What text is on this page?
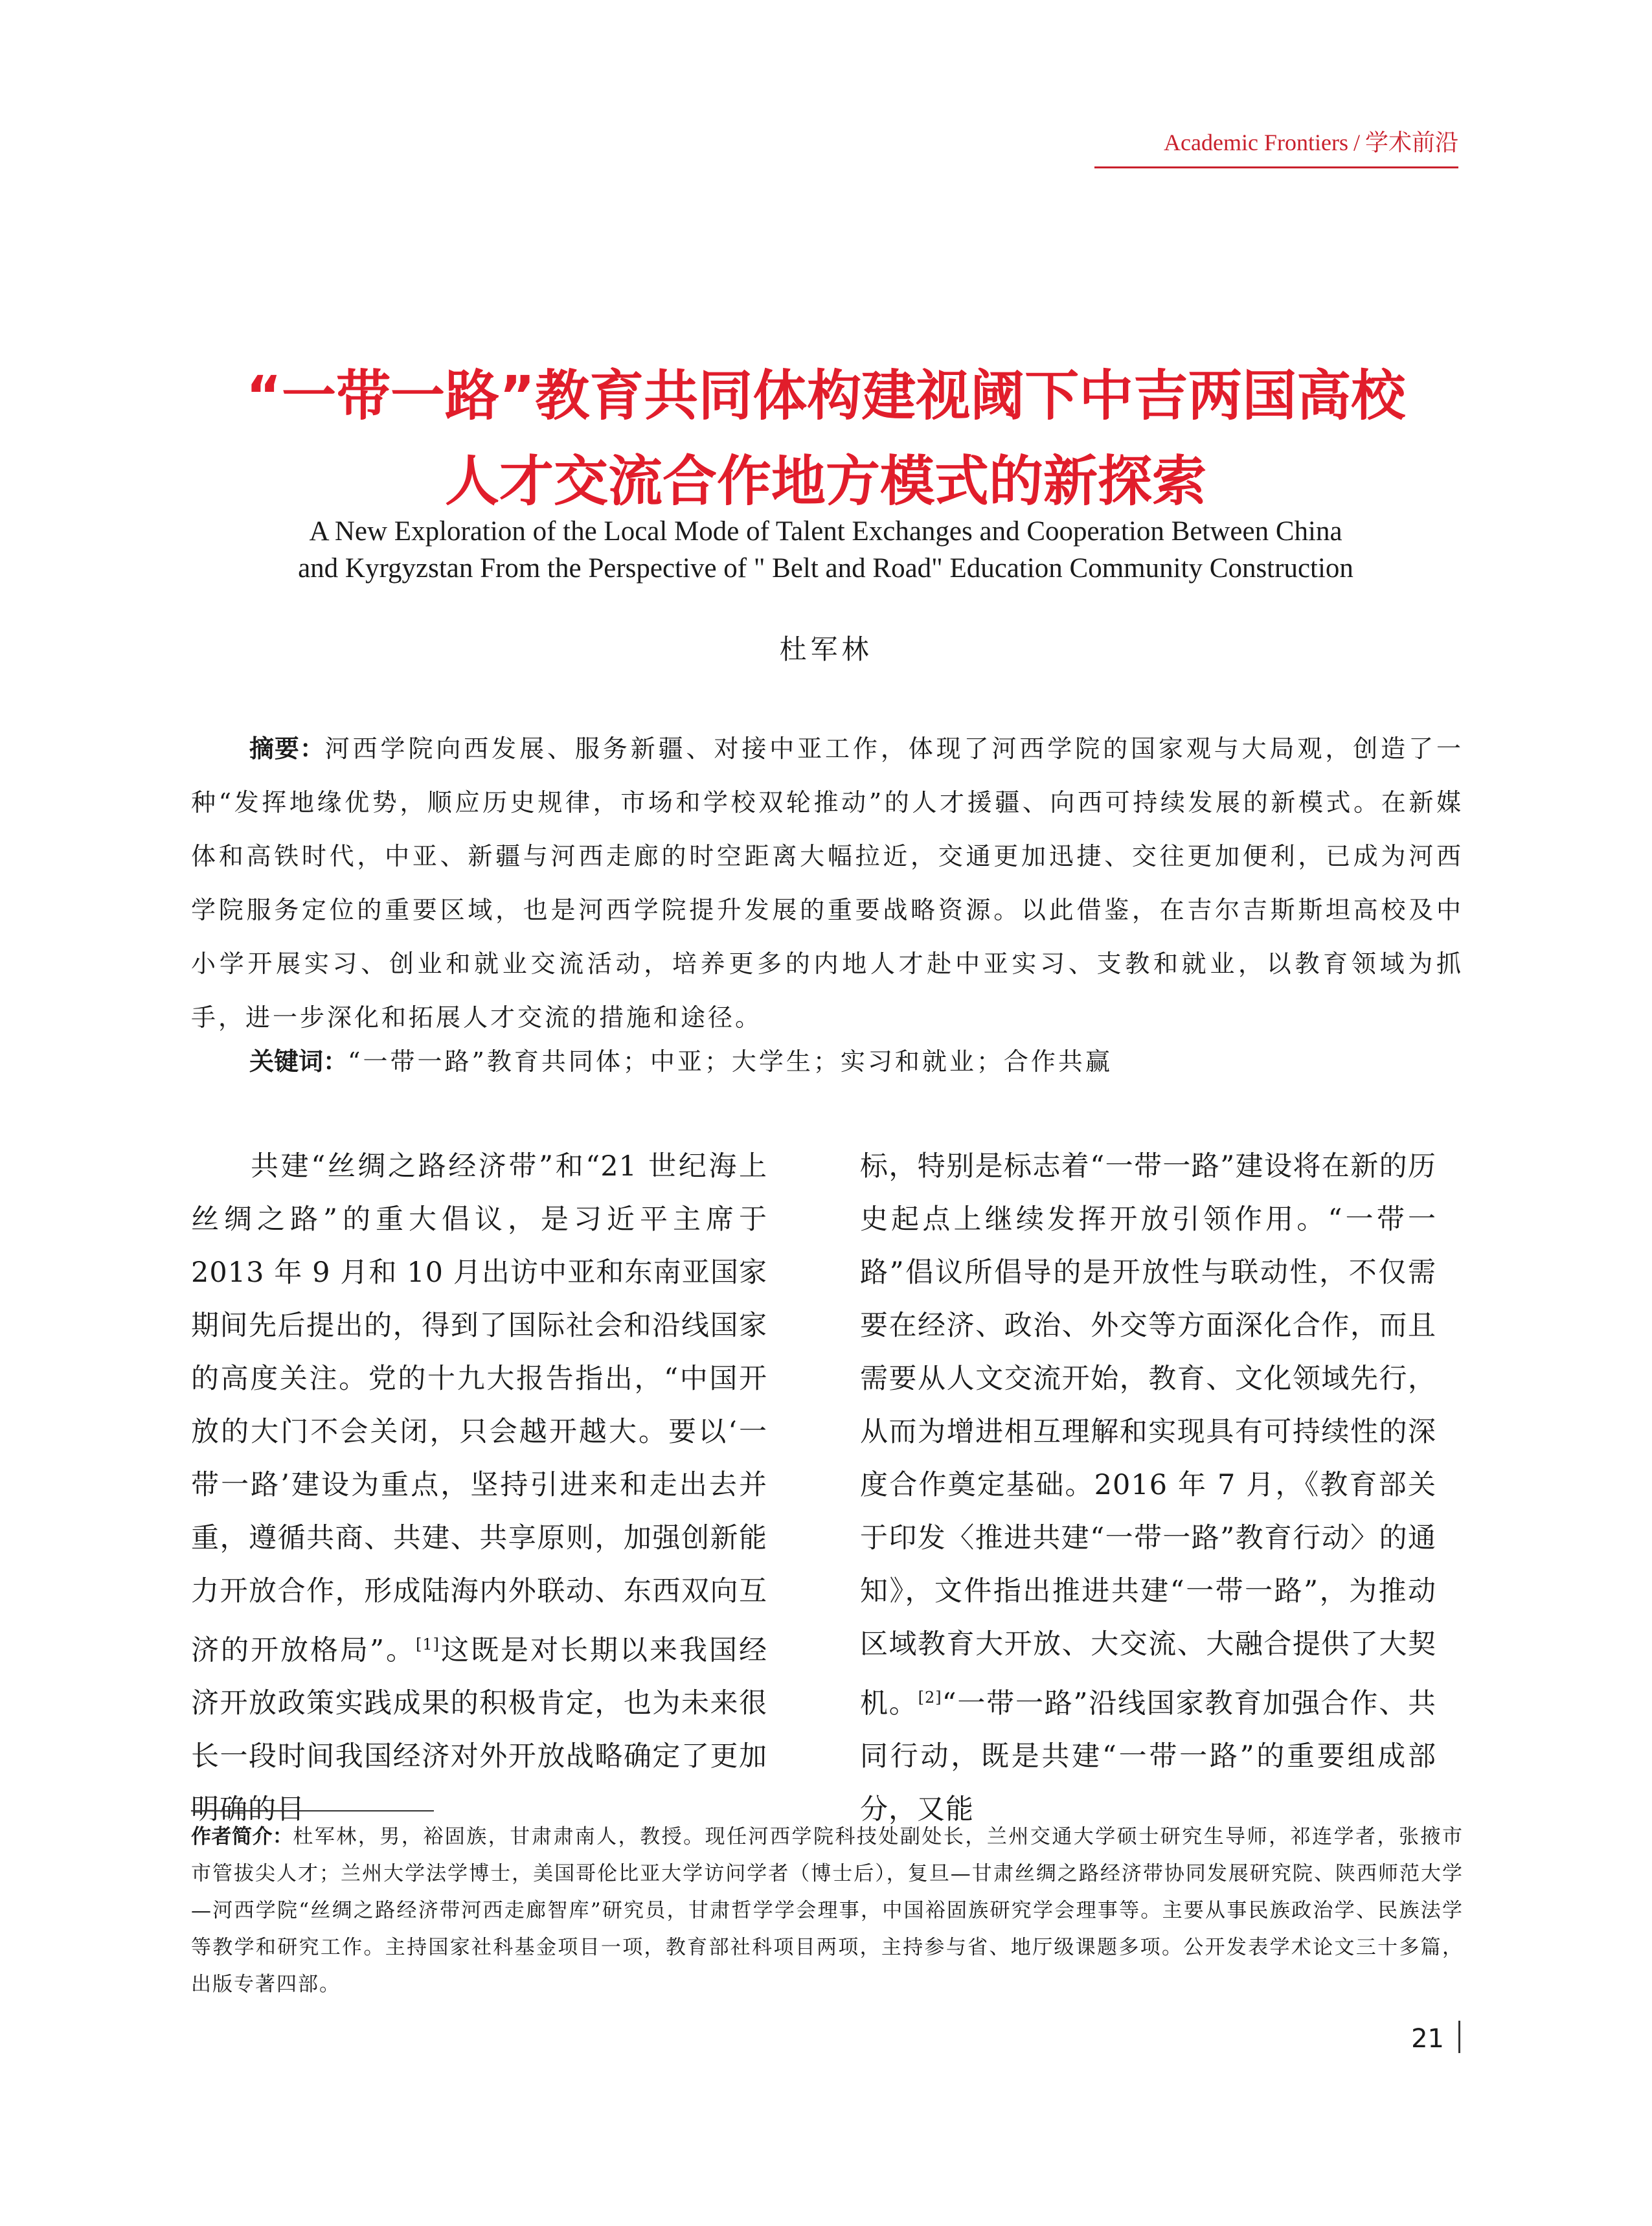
Academic Frontiers / 学术前沿
“一带一路”教育共同体构建视阈下中吉两国高校
人才交流合作地方模式的新探索
A New Exploration of the Local Mode of Talent Exchanges and Cooperation Between China
and Kyrgyzstan From the Perspective of " Belt and Road" Education Community Construction
杜军林
摘要：河西学院向西发展、服务新疆、对接中亚工作，体现了河西学院的国家观与大局观，创造了一种“发挥地缘优势，顺应历史规律，市场和学校双轮推动”的人才援疆、向西可持续发展的新模式。在新媒体和高铁时代，中亚、新疆与河西走廊的时空距离大幅拉近，交通更加迅捷、交往更加便利，已成为河西学院服务定位的重要区域，也是河西学院提升发展的重要战略资源。以此借鉴，在吉尔吉斯斯坦高校及中小学开展实习、创业和就业交流活动，培养更多的内地人才赴中亚实习、支教和就业，以教育领域为抓手，进一步深化和拓展人才交流的措施和途径。
关键词：“一带一路”教育共同体；中亚；大学生；实习和就业；合作共赢
共建“丝绸之路经济带”和“21 世纪海上丝绸之路”的重大倡议，是习近平主席于 2013 年 9 月和 10 月出访中亚和东南亚国家期间先后提出的，得到了国际社会和沿线国家的高度关注。党的十九大报告指出，“中国开放的大门不会关闭，只会越开越大。要以‘一带一路’建设为重点，坚持引进来和走出去并重，遵循共商、共建、共享原则，加强创新能力开放合作，形成陆海内外联动、东西双向互济的开放格局”。[1]这既是对长期以来我国经济开放政策实践成果的积极肯定，也为未来很长一段时间我国经济对外开放战略确定了更加明确的目
标，特别是标志着“一带一路”建设将在新的历史起点上继续发挥开放引领作用。“一带一路”倡议所倡导的是开放性与联动性，不仅需要在经济、政治、外交等方面深化合作，而且需要从人文交流开始，教育、文化领域先行，从而为增进相互理解和实现具有可持续性的深度合作奠定基础。2016 年 7 月，《教育部关于印发〈推进共建“一带一路”教育行动〉的通知》，文件指出推进共建“一带一路”，为推动区域教育大开放、大交流、大融合提供了大契机。[2]“一带一路”沿线国家教育加强合作、共同行动，既是共建“一带一路”的重要组成部分，又能
作者简介：杜军林，男，裕固族，甘肃肃南人，教授。现任河西学院科技处副处长，兰州交通大学硕士研究生导师，祁连学者，张掖市市管拔尖人才；兰州大学法学博士，美国哥伦比亚大学访问学者（博士后），复旦—甘肃丝绸之路经济带协同发展研究院、陕西师范大学—河西学院“丝绸之路经济带河西走廊智库”研究员，甘肃哲学学会理事，中国裕固族研究学会理事等。主要从事民族政治学、民族法学等教学和研究工作。主持国家社科基金项目一项，教育部社科项目两项，主持参与省、地厅级课题多项。公开发表学术论文三十多篇，出版专著四部。
21
